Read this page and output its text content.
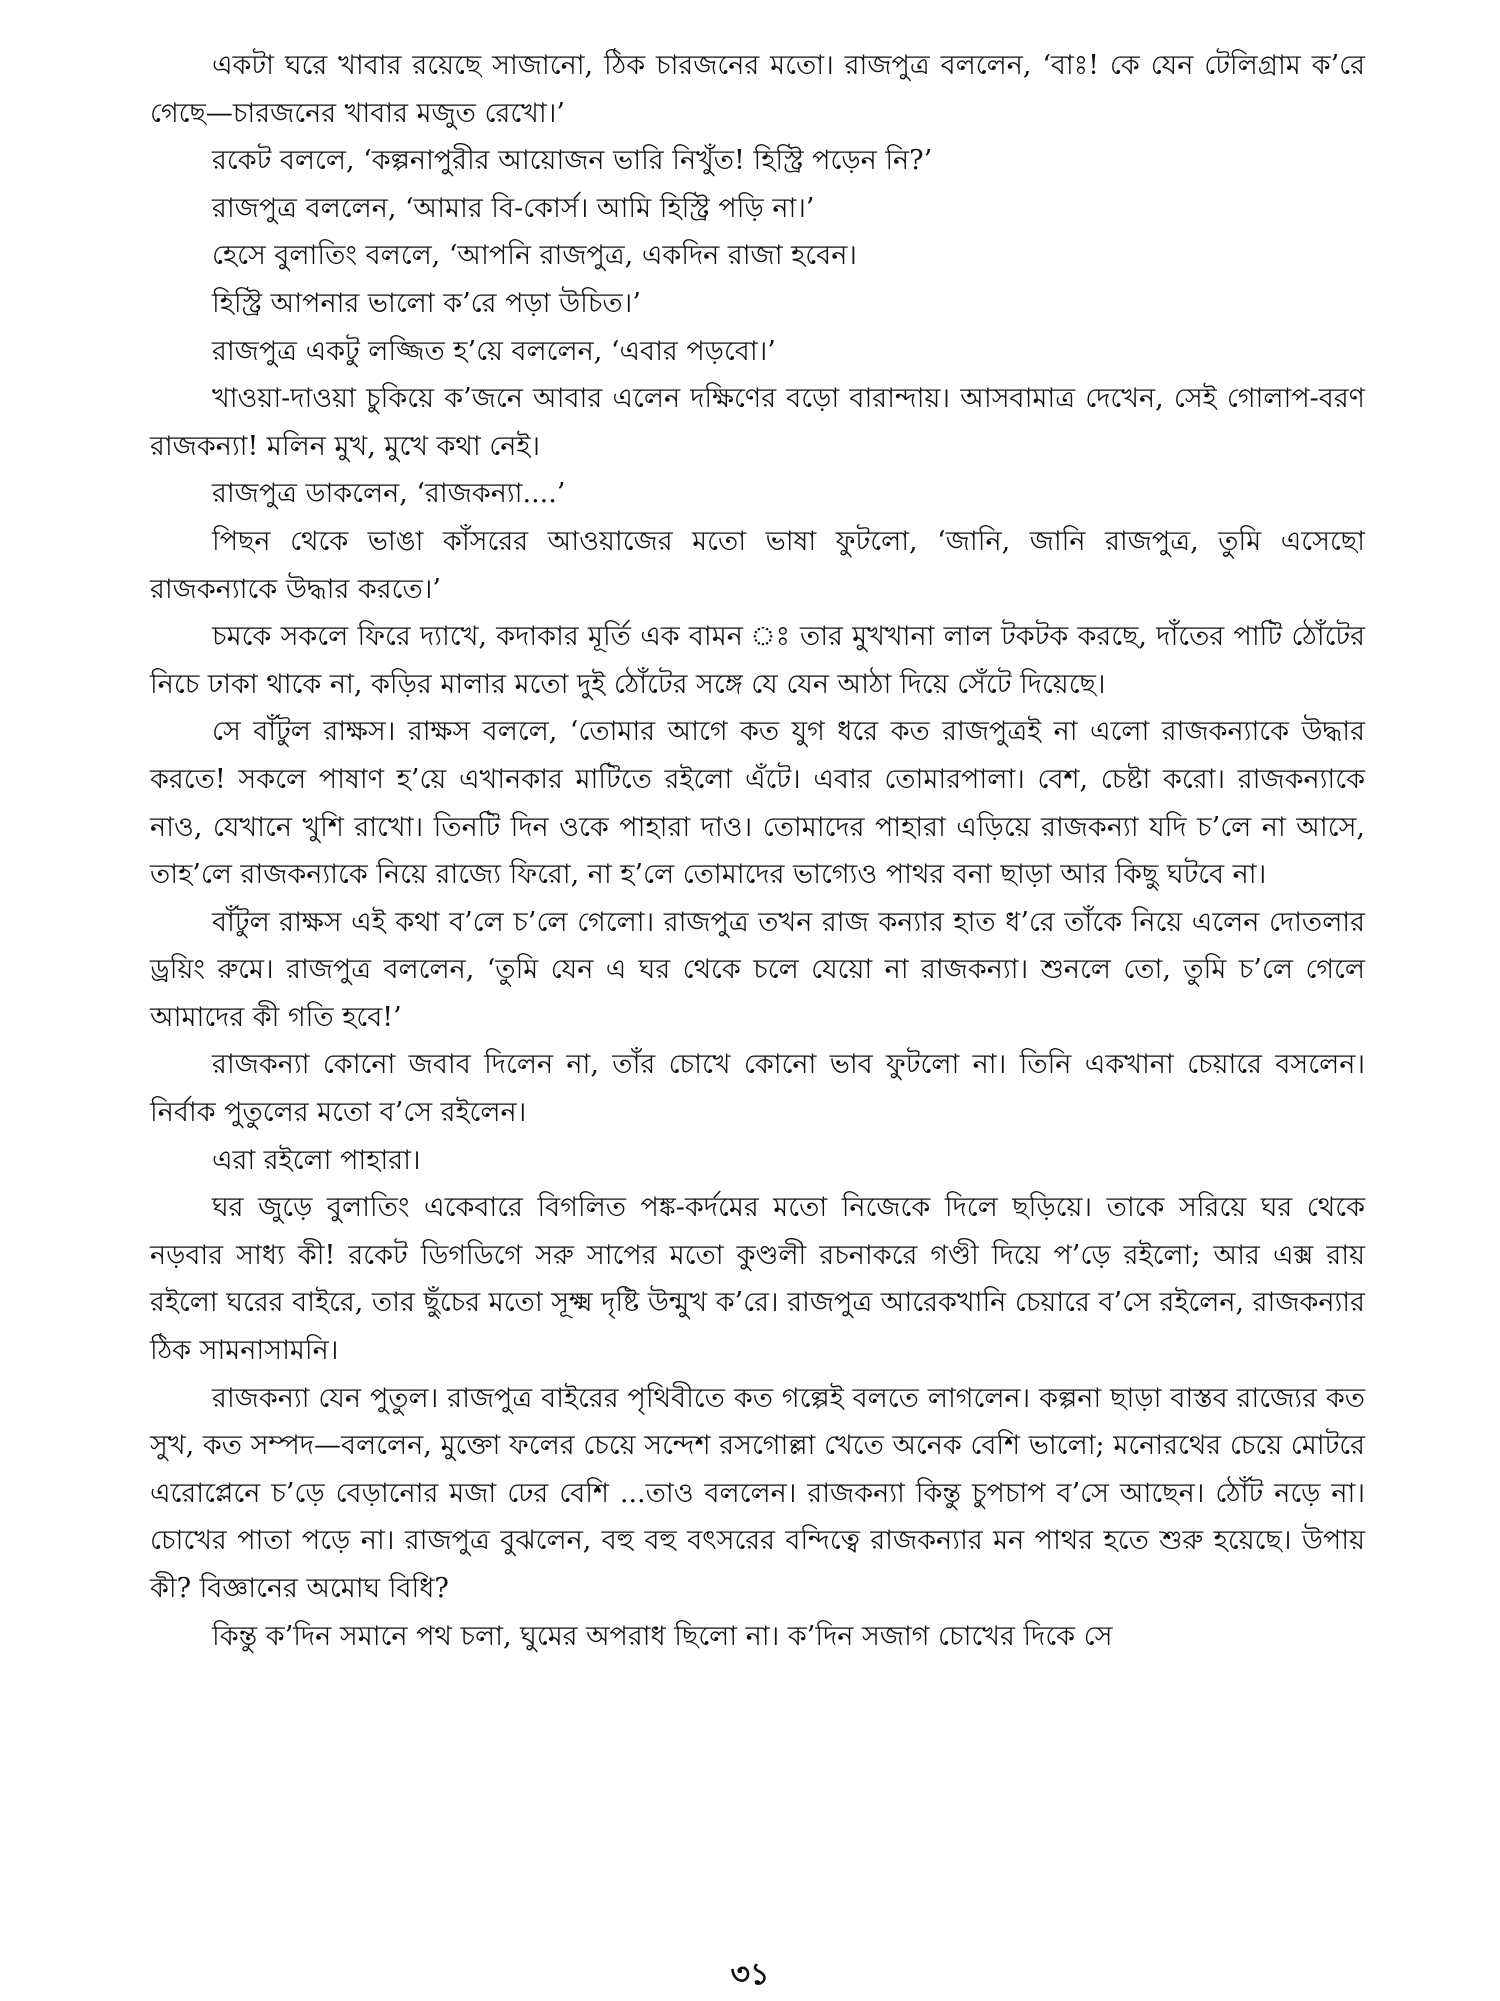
একটা ঘরে খাবার রয়েছে সাজানো, ঠিক চারজনের মতো। রাজপুত্র বললেন, ‘বাঃ! কে যেন টেলিগ্রাম ক’রে গেছে—চারজনের খাবার মজুত রেখো।’

রকেট বললে, ‘কল্পনাপুরীর আয়োজন ভারি নিখুঁত! হিস্ট্রি পড়েন নি?’

রাজপুত্র বললেন, ‘আমার বি-কোর্স। আমি হিস্ট্রি পড়ি না।’

হেসে বুলাতিং বললে, ‘আপনি রাজপুত্র, একদিন রাজা হবেন।

হিস্ট্রি আপনার ভালো ক’রে পড়া উচিত।’

রাজপুত্র একটু লজ্জিত হ’য়ে বললেন, ‘এবার পড়বো।’

খাওয়া-দাওয়া চুকিয়ে ক’জনে আবার এলেন দক্ষিণের বড়ো বারান্দায়। আসবামাত্র দেখেন, সেই গোলাপ-বরণ রাজকন্যা! মলিন মুখ, মুখে কথা নেই।

রাজপুত্র ডাকলেন, ‘রাজকন্যা....’

পিছন থেকে ভাঙা কাঁসরের আওয়াজের মতো ভাষা ফুটলো, ‘জানি, জানি রাজপুত্র, তুমি এসেছো রাজকন্যাকে উদ্ধার করতে।’

চমকে সকলে ফিরে দ্যাখে, কদাকার মূর্তি এক বামন ঃ তার মুখখানা লাল টকটক করছে, দাঁতের পাটি ঠোঁটের নিচে ঢাকা থাকে না, কড়ির মালার মতো দুই ঠোঁটের সঙ্গে যে যেন আঠা দিয়ে সেঁটে দিয়েছে।

সে বাঁটুল রাক্ষস। রাক্ষস বললে, ‘তোমার আগে কত যুগ ধরে কত রাজপুত্রই না এলো রাজকন্যাকে উদ্ধার করতে! সকলে পাষাণ হ’য়ে এখানকার মাটিতে রইলো এঁটে। এবার তোমারপালা। বেশ, চেষ্টা করো। রাজকন্যাকে নাও, যেখানে খুশি রাখো। তিনটি দিন ওকে পাহারা দাও। তোমাদের পাহারা এড়িয়ে রাজকন্যা যদি চ’লে না আসে, তাহ’লে রাজকন্যাকে নিয়ে রাজ্যে ফিরো, না হ’লে তোমাদের ভাগ্যেও পাথর বনা ছাড়া আর কিছু ঘটবে না।

বাঁটুল রাক্ষস এই কথা ব’লে চ’লে গেলো। রাজপুত্র তখন রাজ কন্যার হাত ধ’রে তাঁকে নিয়ে এলেন দোতলার ড্রয়িং রুমে। রাজপুত্র বললেন, ‘তুমি যেন এ ঘর থেকে চলে যেয়ো না রাজকন্যা। শুনলে তো, তুমি চ’লে গেলে আমাদের কী গতি হবে!’

রাজকন্যা কোনো জবাব দিলেন না, তাঁর চোখে কোনো ভাব ফুটলো না। তিনি একখানা চেয়ারে বসলেন। নির্বাক পুতুলের মতো ব’সে রইলেন।

এরা রইলো পাহারা।

ঘর জুড়ে বুলাতিং একেবারে বিগলিত পঙ্ক-কর্দমের মতো নিজেকে দিলে ছড়িয়ে। তাকে সরিয়ে ঘর থেকে নড়বার সাধ্য কী! রকেট ডিগডিগে সরু সাপের মতো কুণ্ডলী রচনাকরে গণ্ডী দিয়ে প’ড়ে রইলো; আর এক্স রায় রইলো ঘরের বাইরে, তার ছুঁচের মতো সূক্ষ্ম দৃষ্টি উন্মুখ ক’রে। রাজপুত্র আরেকখানি চেয়ারে ব’সে রইলেন, রাজকন্যার ঠিক সামনাসামনি।

রাজকন্যা যেন পুতুল। রাজপুত্র বাইরের পৃথিবীতে কত গল্পেই বলতে লাগলেন। কল্পনা ছাড়া বাস্তব রাজ্যের কত সুখ, কত সম্পদ—বললেন, মুক্তো ফলের চেয়ে সন্দেশ রসগোল্লা খেতে অনেক বেশি ভালো; মনোরথের চেয়ে মোটরে এরোপ্লেনে চ’ড়ে বেড়ানোর মজা ঢের বেশি ...তাও বললেন। রাজকন্যা কিন্তু চুপচাপ ব’সে আছেন। ঠোঁট নড়ে না। চোখের পাতা পড়ে না। রাজপুত্র বুঝলেন, বহু বহু বৎসরের বন্দিত্বে রাজকন্যার মন পাথর হতে শুরু হয়েছে। উপায় কী? বিজ্ঞানের অমোঘ বিধি?

কিন্তু ক’দিন সমানে পথ চলা, ঘুমের অপরাধ ছিলো না। ক’দিন সজাগ চোখের দিকে সে

৩১
